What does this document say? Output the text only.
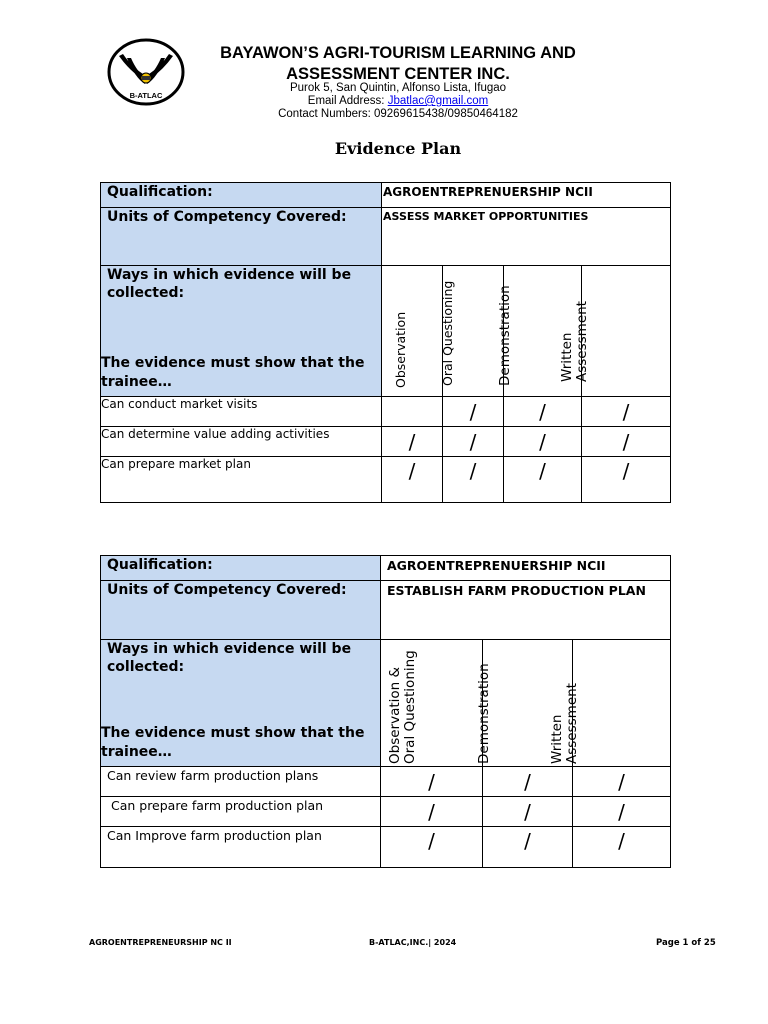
B-ATLAC
BAYAWON’S AGRI-TOURISM LEARNING AND
ASSESSMENT CENTER INC.
Purok 5, San Quintin, Alfonso Lista, Ifugao
Email Address: Jbatlac@gmail.com
Contact Numbers: 09269615438/09850464182
Evidence Plan
Qualification:	AGROENTREPRENUERSHIP NCII			
Units of Competency Covered:	ASSESS MARKET OPPORTUNITIES			

Ways in which evidence will be collected:
The evidence must show that the trainee…	Observation	Oral Questioning	Demonstration	Written Assessment

Can conduct market visits		/	/	/
Can determine value adding activities	/	/	/	/
Can prepare market plan	/	/	/	/
Qualification:	AGROENTREPRENUERSHIP NCII		
Units of Competency Covered:	ESTABLISH FARM PRODUCTION PLAN		

Ways in which evidence will be collected:
The evidence must show that the trainee…	Observation & Oral Questioning	Demonstration	Written Assessment

Can review farm production plans	/	/	/
Can prepare farm production plan	/	/	/
Can Improve farm production plan	/	/	/
AGROENTREPRENEURSHIP NC II	B-ATLAC,INC.| 2024	Page 1 of 25
